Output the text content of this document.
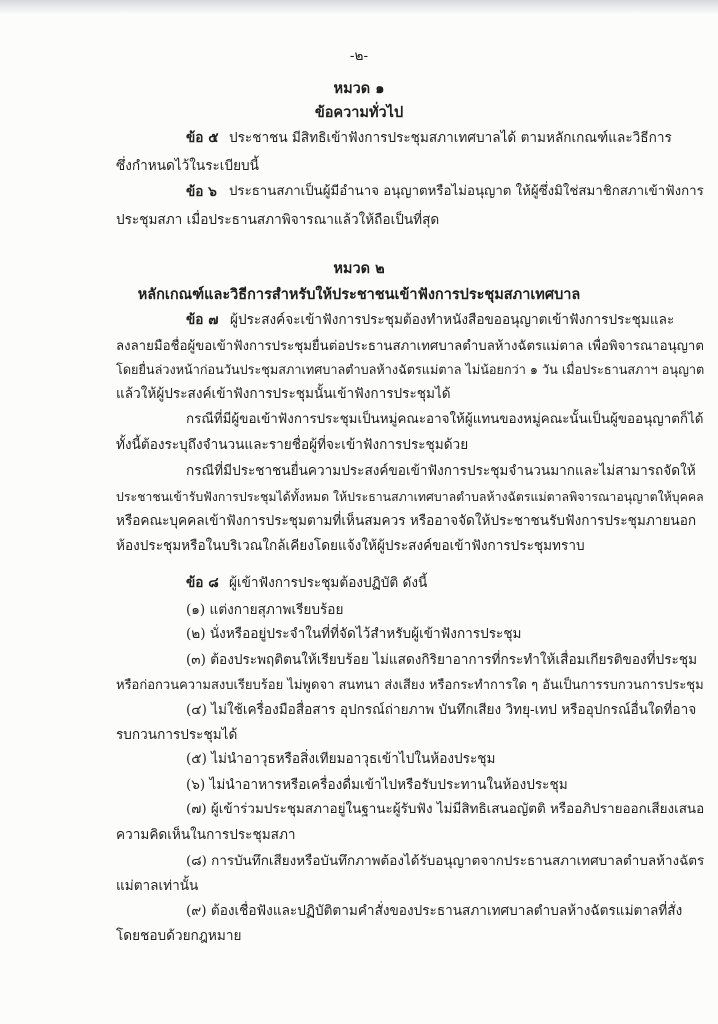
-๒-
หมวด ๑
ข้อความทั่วไป
ข้อ ๕ ประชาชน มีสิทธิเข้าฟังการประชุมสภาเทศบาลได้ ตามหลักเกณฑ์และวิธีการ
ซึ่งกำหนดไว้ในระเบียบนี้
ข้อ ๖ ประธานสภาเป็นผู้มีอำนาจ อนุญาตหรือไม่อนุญาต ให้ผู้ซึ่งมิใช่สมาชิกสภาเข้าฟังการ
ประชุมสภา เมื่อประธานสภาพิจารณาแล้วให้ถือเป็นที่สุด
หมวด ๒
หลักเกณฑ์และวิธีการสำหรับให้ประชาชนเข้าฟังการประชุมสภาเทศบาล
ข้อ ๗ ผู้ประสงค์จะเข้าฟังการประชุมต้องทำหนังสือขออนุญาตเข้าฟังการประชุมและ
ลงลายมือชื่อผู้ขอเข้าฟังการประชุมยื่นต่อประธานสภาเทศบาลตำบลห้างฉัตรแม่ตาล เพื่อพิจารณาอนุญาต
โดยยื่นล่วงหน้าก่อนวันประชุมสภาเทศบาลตำบลห้างฉัตรแม่ตาล ไม่น้อยกว่า ๑ วัน เมื่อประธานสภาฯ อนุญาต
แล้วให้ผู้ประสงค์เข้าฟังการประชุมนั้นเข้าฟังการประชุมได้
กรณีที่มีผู้ขอเข้าฟังการประชุมเป็นหมู่คณะอาจให้ผู้แทนของหมู่คณะนั้นเป็นผู้ขออนุญาตก็ได้
ทั้งนี้ต้องระบุถึงจำนวนและรายชื่อผู้ที่จะเข้าฟังการประชุมด้วย
กรณีที่มีประชาชนยื่นความประสงค์ขอเข้าฟังการประชุมจำนวนมากและไม่สามารถจัดให้
ประชาชนเข้ารับฟังการประชุมได้ทั้งหมด ให้ประธานสภาเทศบาลตำบลห้างฉัตรแม่ตาลพิจารณาอนุญาตให้บุคคล
หรือคณะบุคคลเข้าฟังการประชุมตามที่เห็นสมควร หรืออาจจัดให้ประชาชนรับฟังการประชุมภายนอก
ห้องประชุมหรือในบริเวณใกล้เคียงโดยแจ้งให้ผู้ประสงค์ขอเข้าฟังการประชุมทราบ
ข้อ ๘ ผู้เข้าฟังการประชุมต้องปฏิบัติ ดังนี้
(๑) แต่งกายสุภาพเรียบร้อย
(๒) นั่งหรืออยู่ประจำในที่ที่จัดไว้สำหรับผู้เข้าฟังการประชุม
(๓) ต้องประพฤติตนให้เรียบร้อย ไม่แสดงกิริยาอาการที่กระทำให้เสื่อมเกียรติของที่ประชุม
หรือก่อกวนความสงบเรียบร้อย ไม่พูดจา สนทนา ส่งเสียง หรือกระทำการใด ๆ อันเป็นการรบกวนการประชุม
(๔) ไม่ใช้เครื่องมือสื่อสาร อุปกรณ์ถ่ายภาพ บันทึกเสียง วิทยุ-เทป หรืออุปกรณ์อื่นใดที่อาจ
รบกวนการประชุมได้
(๕) ไม่นำอาวุธหรือสิ่งเทียมอาวุธเข้าไปในห้องประชุม
(๖) ไม่นำอาหารหรือเครื่องดื่มเข้าไปหรือรับประทานในห้องประชุม
(๗) ผู้เข้าร่วมประชุมสภาอยู่ในฐานะผู้รับฟัง ไม่มีสิทธิเสนอญัตติ หรืออภิปรายออกเสียงเสนอ
ความคิดเห็นในการประชุมสภา
(๘) การบันทึกเสียงหรือบันทึกภาพต้องได้รับอนุญาตจากประธานสภาเทศบาลตำบลห้างฉัตร
แม่ตาลเท่านั้น
(๙) ต้องเชื่อฟังและปฏิบัติตามคำสั่งของประธานสภาเทศบาลตำบลห้างฉัตรแม่ตาลที่สั่ง
โดยชอบด้วยกฎหมาย
